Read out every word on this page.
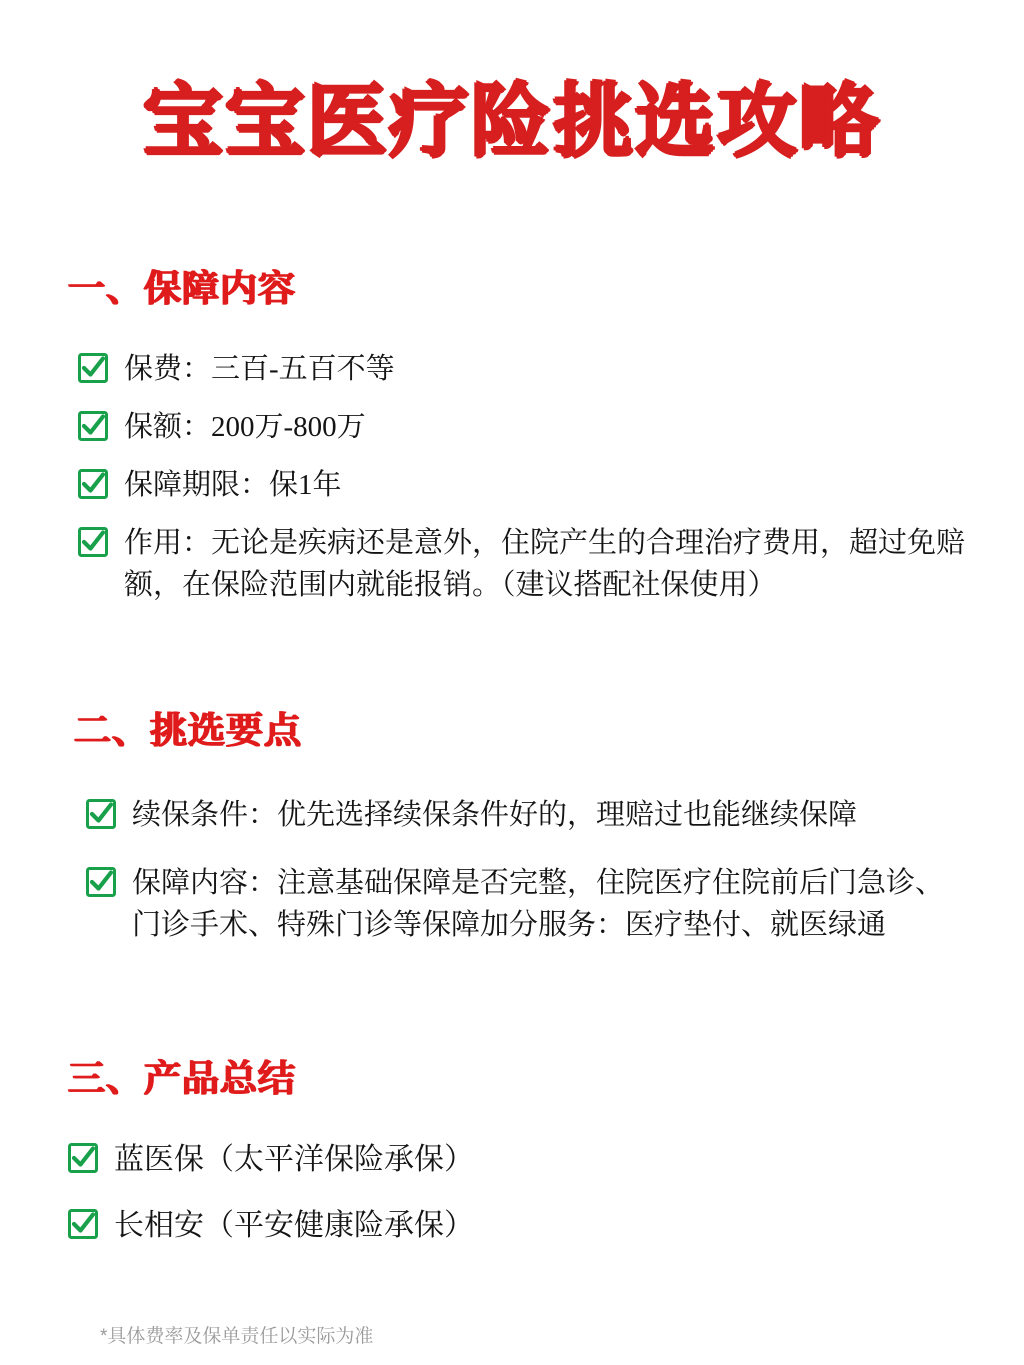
宝宝医疗险挑选攻略
一、保障内容
保费：三百-五百不等
保额：200万-800万
保障期限：保1年
作用：无论是疾病还是意外，住院产生的合理治疗费用，超过免赔额，在保险范围内就能报销。（建议搭配社保使用）
二、挑选要点
续保条件：优先选择续保条件好的，理赔过也能继续保障
保障内容：注意基础保障是否完整，住院医疗住院前后门急诊、门诊手术、特殊门诊等保障加分服务：医疗垫付、就医绿通
三、产品总结
蓝医保（太平洋保险承保）
长相安（平安健康险承保）
*具体费率及保单责任以实际为准
